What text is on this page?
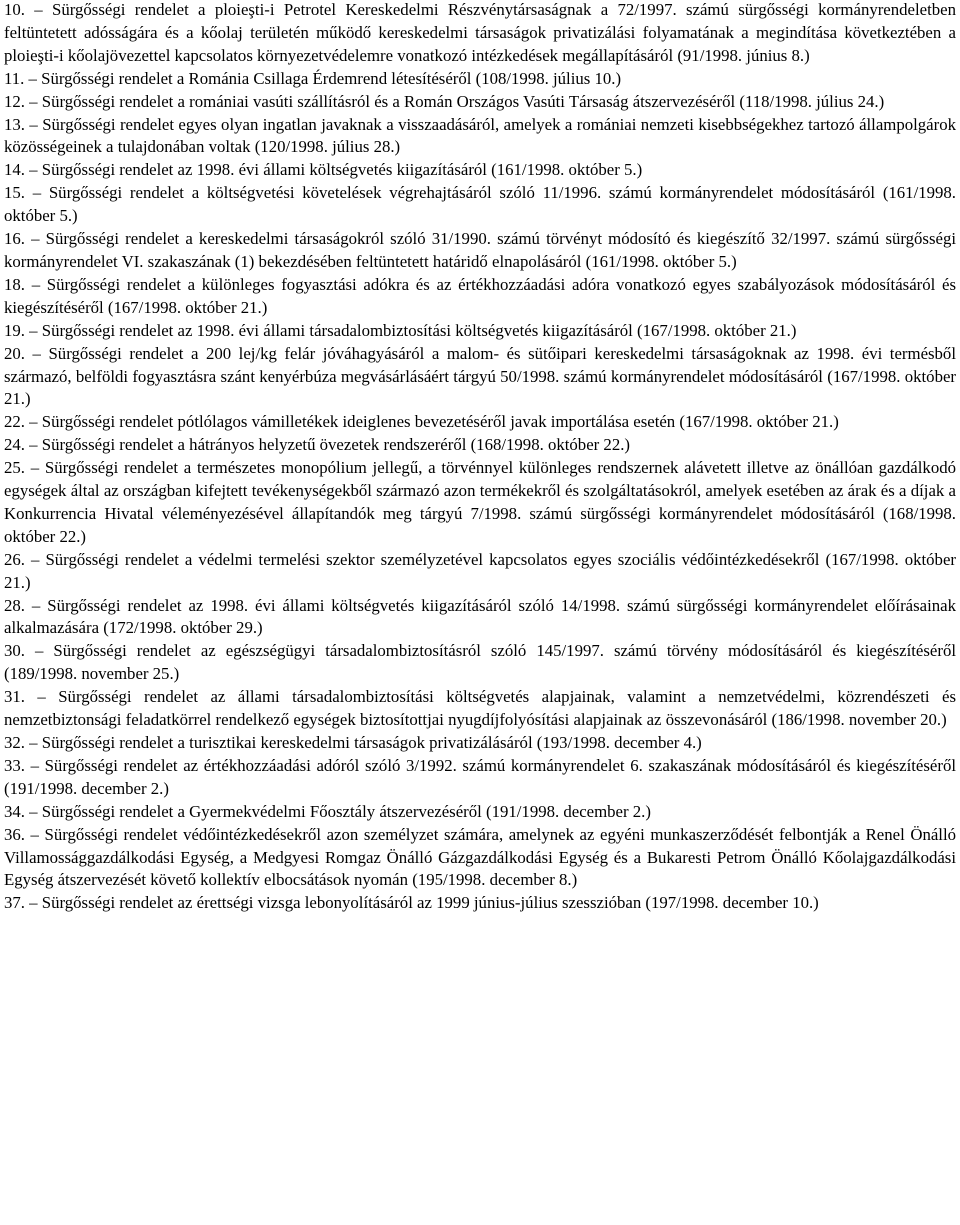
10. – Sürgősségi rendelet a ploieşti-i Petrotel Kereskedelmi Részvénytársaságnak a 72/1997. számú sürgősségi kormányrendeletben feltüntetett adósságára és a kőolaj területén működő kereskedelmi társaságok privatizálási folyamatának a megindítása következtében a ploieşti-i kőolajövezettel kapcsolatos környezetvédelemre vonatkozó intézkedések megállapításáról (91/1998. június 8.)

11. – Sürgősségi rendelet a Románia Csillaga Érdemrend létesítéséről (108/1998. július 10.)

12. – Sürgősségi rendelet a romániai vasúti szállításról és a Román Országos Vasúti Társaság átszervezéséről (118/1998. július 24.)

13. – Sürgősségi rendelet egyes olyan ingatlan javaknak a visszaadásáról, amelyek a romániai nemzeti kisebbségekhez tartozó állampolgárok közösségeinek a tulajdonában voltak (120/1998. július 28.)

14. – Sürgősségi rendelet az 1998. évi állami költségvetés kiigazításáról (161/1998. október 5.)

15. – Sürgősségi rendelet a költségvetési követelések végrehajtásáról szóló 11/1996. számú kormányrendelet módosításáról (161/1998. október 5.)

16. – Sürgősségi rendelet a kereskedelmi társaságokról szóló 31/1990. számú törvényt módosító és kiegészítő 32/1997. számú sürgősségi kormányrendelet VI. szakaszának (1) bekezdésében feltüntetett határidő elnapolásáról (161/1998. október 5.)

18. – Sürgősségi rendelet a különleges fogyasztási adókra és az értékhozzáadási adóra vonatkozó egyes szabályozások módosításáról és kiegészítéséről (167/1998. október 21.)

19. – Sürgősségi rendelet az 1998. évi állami társadalombiztosítási költségvetés kiigazításáról (167/1998. október 21.)

20. – Sürgősségi rendelet a 200 lej/kg felár jóváhagyásáról a malom- és sütőipari kereskedelmi társaságoknak az 1998. évi termésből származó, belföldi fogyasztásra szánt kenyérbúza megvásárlásáért tárgyú 50/1998. számú kormányrendelet módosításáról (167/1998. október 21.)

22. – Sürgősségi rendelet pótlólagos vámilletékek ideiglenes bevezetéséről javak importálása esetén (167/1998. október 21.)

24. – Sürgősségi rendelet a hátrányos helyzetű övezetek rendszeréről (168/1998. október 22.)

25. – Sürgősségi rendelet a természetes monopólium jellegű, a törvénnyel különleges rendszernek alávetett illetve az önállóan gazdálkodó egységek által az országban kifejtett tevékenységekből származó azon termékekről és szolgáltatásokról, amelyek esetében az árak és a díjak a Konkurrencia Hivatal véleményezésével állapítandók meg tárgyú 7/1998. számú sürgősségi kormányrendelet módosításáról (168/1998. október 22.)

26. – Sürgősségi rendelet a védelmi termelési szektor személyzetével kapcsolatos egyes szociális védőintézkedésekről (167/1998. október 21.)

28. – Sürgősségi rendelet az 1998. évi állami költségvetés kiigazításáról szóló 14/1998. számú sürgősségi kormányrendelet előírásainak alkalmazására (172/1998. október 29.)

30. – Sürgősségi rendelet az egészségügyi társadalombiztosításról szóló 145/1997. számú törvény módosításáról és kiegészítéséről (189/1998. november 25.)

31. – Sürgősségi rendelet az állami társadalombiztosítási költségvetés alapjainak, valamint a nemzetvédelmi, közrendészeti és nemzetbiztonsági feladatkörrel rendelkező egységek biztosítottjai nyugdíjfolyósítási alapjainak az összevonásáról (186/1998. november 20.)

32. – Sürgősségi rendelet a turisztikai kereskedelmi társaságok privatizálásáról (193/1998. december 4.)

33. – Sürgősségi rendelet az értékhozzáadási adóról szóló 3/1992. számú kormányrendelet 6. szakaszának módosításáról és kiegészítéséről (191/1998. december 2.)

34. – Sürgősségi rendelet a Gyermekvédelmi Főosztály átszervezéséről (191/1998. december 2.)

36. – Sürgősségi rendelet védőintézkedésekről azon személyzet számára, amelynek az egyéni munkaszerződését felbontják a Renel Önálló Villamossággazdálkodási Egység, a Medgyesi Romgaz Önálló Gázgazdálkodási Egység és a Bukaresti Petrom Önálló Kőolajgazdálkodási Egység átszervezését követő kollektív elbocsátások nyomán (195/1998. december 8.)

37. – Sürgősségi rendelet az érettségi vizsga lebonyolításáról az 1999 június-július szesszióban (197/1998. december 10.)
